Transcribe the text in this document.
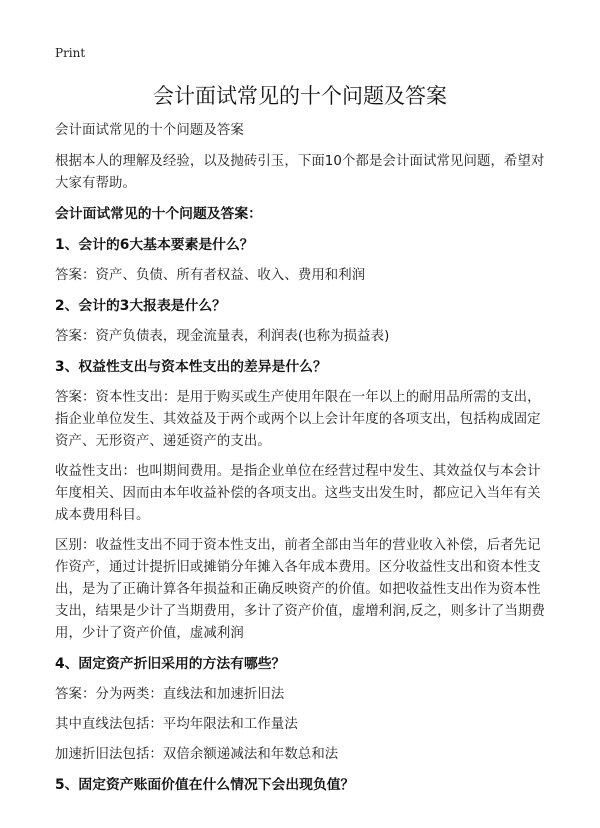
Print
会计面试常见的十个问题及答案

会计面试常见的十个问题及答案

根据本人的理解及经验，以及抛砖引玉，下面10个都是会计面试常见问题，希望对大家有帮助。

会计面试常见的十个问题及答案：

1、会计的6大基本要素是什么？

答案：资产、负债、所有者权益、收入、费用和利润

2、会计的3大报表是什么？

答案：资产负债表，现金流量表，利润表(也称为损益表)

3、权益性支出与资本性支出的差异是什么？

答案：资本性支出：是用于购买或生产使用年限在一年以上的耐用品所需的支出，指企业单位发生、其效益及于两个或两个以上会计年度的各项支出，包括构成固定资产、无形资产、递延资产的支出。

收益性支出：也叫期间费用。是指企业单位在经营过程中发生、其效益仅与本会计年度相关、因而由本年收益补偿的各项支出。这些支出发生时，都应记入当年有关成本费用科目。

区别：收益性支出不同于资本性支出，前者全部由当年的营业收入补偿，后者先记作资产，通过计提折旧或摊销分年摊入各年成本费用。区分收益性支出和资本性支出，是为了正确计算各年损益和正确反映资产的价值。如把收益性支出作为资本性支出，结果是少计了当期费用，多计了资产价值，虚增利润,反之，则多计了当期费用，少计了资产价值，虚减利润

4、固定资产折旧采用的方法有哪些？

答案：分为两类：直线法和加速折旧法

其中直线法包括：平均年限法和工作量法

加速折旧法包括：双倍余额递减法和年数总和法

5、固定资产账面价值在什么情况下会出现负值？
